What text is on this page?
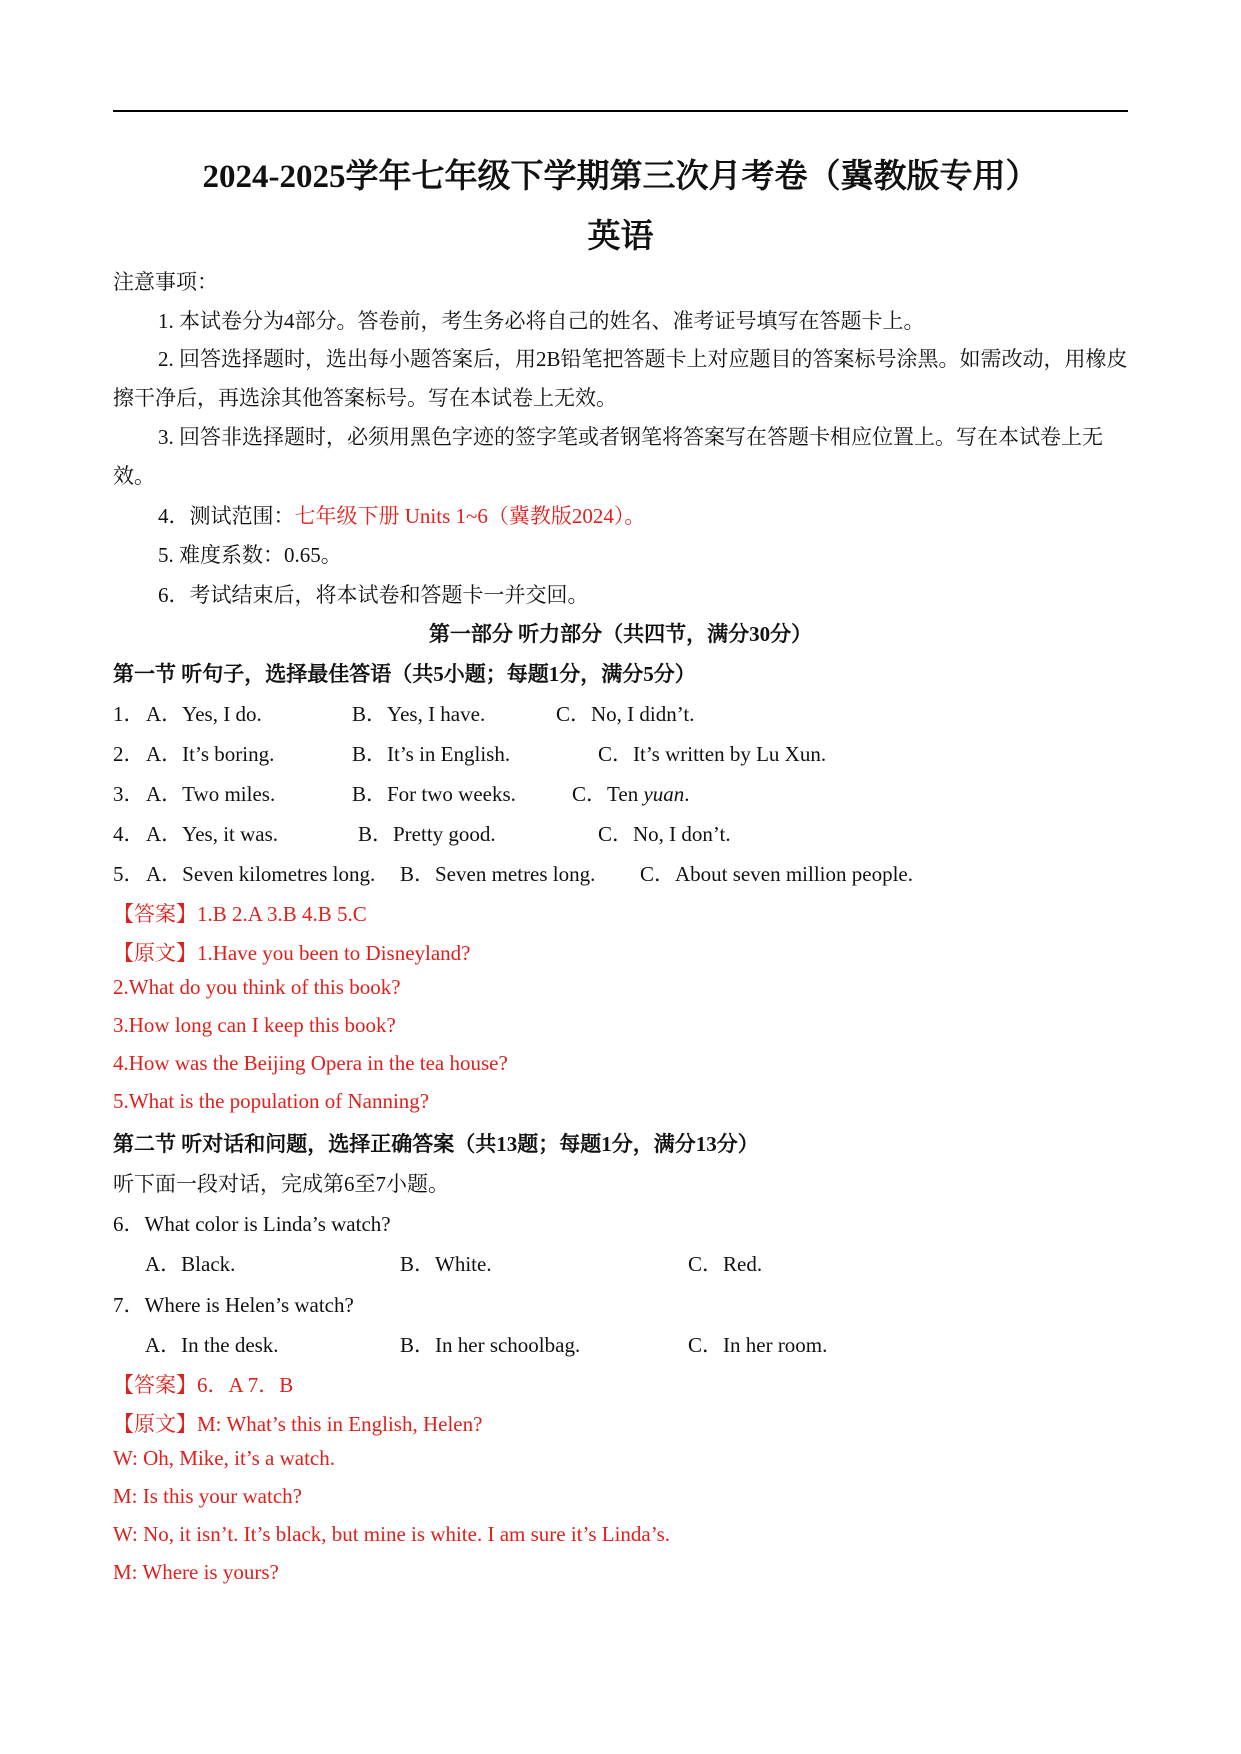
2024-2025学年七年级下学期第三次月考卷（冀教版专用）
英语
注意事项：
1. 本试卷分为4部分。答卷前，考生务必将自己的姓名、准考证号填写在答题卡上。
2. 回答选择题时，选出每小题答案后，用2B铅笔把答题卡上对应题目的答案标号涂黑。如需改动，用橡皮擦干净后，再选涂其他答案标号。写在本试卷上无效。
3. 回答非选择题时，必须用黑色字迹的签字笔或者钢笔将答案写在答题卡相应位置上。写在本试卷上无效。
4．测试范围：七年级下册 Units 1~6（冀教版2024）。
5. 难度系数：0.65。
6．考试结束后，将本试卷和答题卡一并交回。
第一部分 听力部分（共四节，满分30分）
第一节 听句子，选择最佳答语（共5小题；每题1分，满分5分）
1． A．Yes, I do.	B．Yes, I have.	C．No, I didn’t.
2． A．It’s boring.	B．It’s in English.	C．It’s written by Lu Xun.
3． A．Two miles.	B．For two weeks.	C．Ten yuan.
4． A．Yes, it was.	B．Pretty good.	C．No, I don’t.
5． A．Seven kilometres long. B．Seven metres long. C．About seven million people.
【答案】1.B 2.A 3.B 4.B 5.C
【原文】1.Have you been to Disneyland?
2.What do you think of this book?
3.How long can I keep this book?
4.How was the Beijing Opera in the tea house?
5.What is the population of Nanning?
第二节 听对话和问题，选择正确答案（共13题；每题1分，满分13分）
听下面一段对话，完成第6至7小题。
6．What color is Linda’s watch?
A．Black.	B．White.	C．Red.
7．Where is Helen’s watch?
A．In the desk.	B．In her schoolbag.	C．In her room.
【答案】6．A 7．B
【原文】M: What’s this in English, Helen?
W: Oh, Mike, it’s a watch.
M: Is this your watch?
W: No, it isn’t. It’s black, but mine is white. I am sure it’s Linda’s.
M: Where is yours?
